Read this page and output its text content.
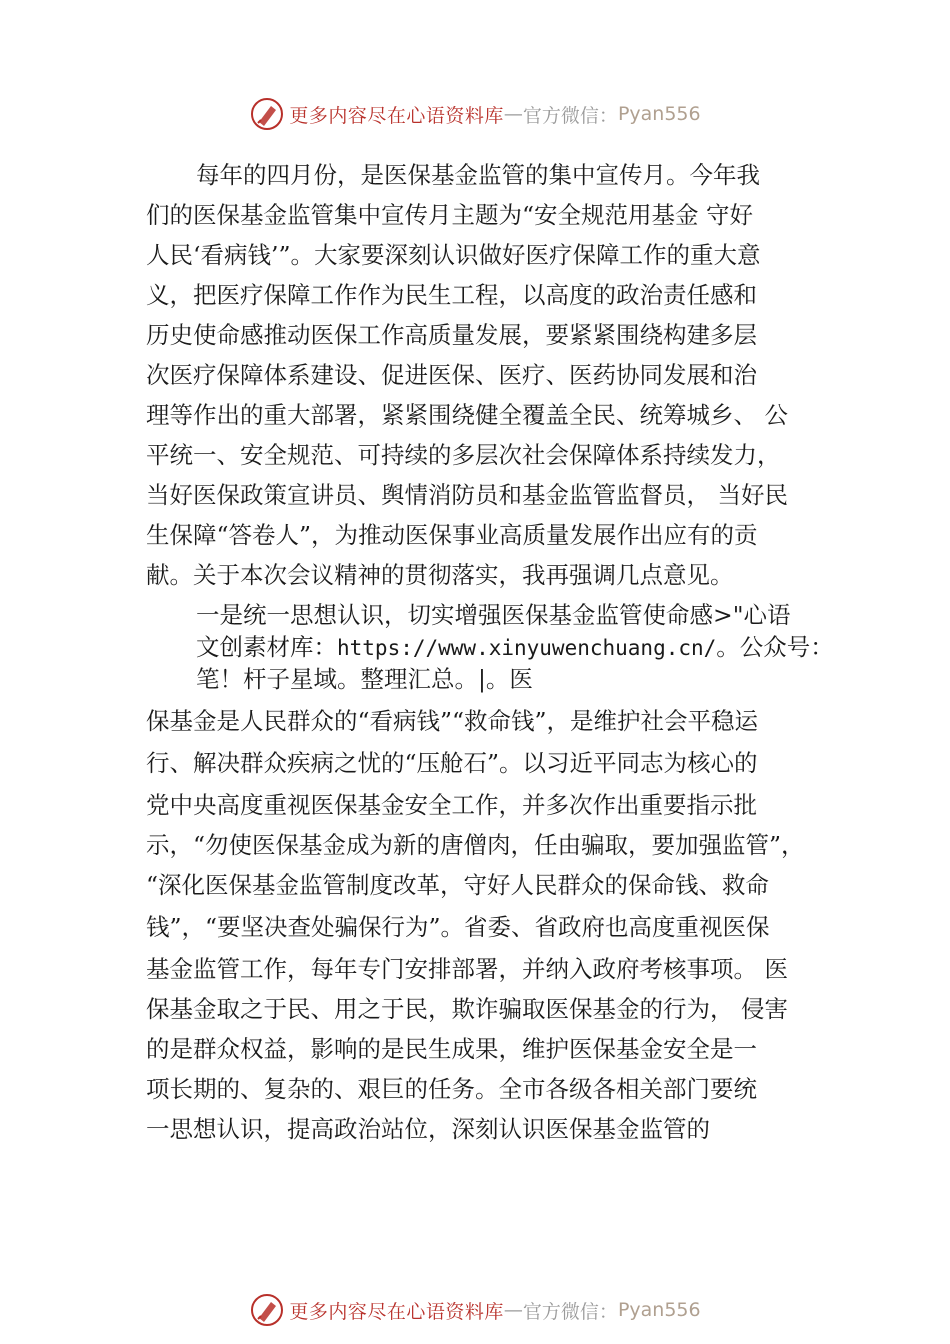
更多内容尽在心语资料库 — 官方微信： Pyan556
每年的四月份，是医保基金监管的集中宣传月。今年我
们的医保基金监管集中宣传月主题为“安全规范用基金 守好
人民‘看病钱’”。大家要深刻认识做好医疗保障工作的重大意
义，把医疗保障工作作为民生工程，以高度的政治责任感和
历史使命感推动医保工作高质量发展，要紧紧围绕构建多层
次医疗保障体系建设、促进医保、医疗、医药协同发展和治
理等作出的重大部署，紧紧围绕健全覆盖全民、统筹城乡、 公
平统一、安全规范、可持续的多层次社会保障体系持续发力，
当好医保政策宣讲员、舆情消防员和基金监管监督员， 当好民
生保障“答卷人”，为推动医保事业高质量发展作出应有的贡
献。关于本次会议精神的贯彻落实，我再强调几点意见。
一是统一思想认识，切实增强医保基金监管使命感>"心语
文创素材库：https://www.xinyuwenchuang.cn/。公众号：
笔！杆子星域。整理汇总。|。医
保基金是人民群众的“看病钱”“救命钱”，是维护社会平稳运
行、解决群众疾病之忧的“压舱石”。以习近平同志为核心的
党中央高度重视医保基金安全工作，并多次作出重要指示批
示，“勿使医保基金成为新的唐僧肉，任由骗取，要加强监管”，
“深化医保基金监管制度改革，守好人民群众的保命钱、救命
钱”，“要坚决查处骗保行为”。省委、省政府也高度重视医保
基金监管工作，每年专门安排部署，并纳入政府考核事项。 医
保基金取之于民、用之于民，欺诈骗取医保基金的行为， 侵害
的是群众权益，影响的是民生成果，维护医保基金安全是一
项长期的、复杂的、艰巨的任务。全市各级各相关部门要统
一思想认识，提高政治站位，深刻认识医保基金监管的
更多内容尽在心语资料库 — 官方微信： Pyan556
